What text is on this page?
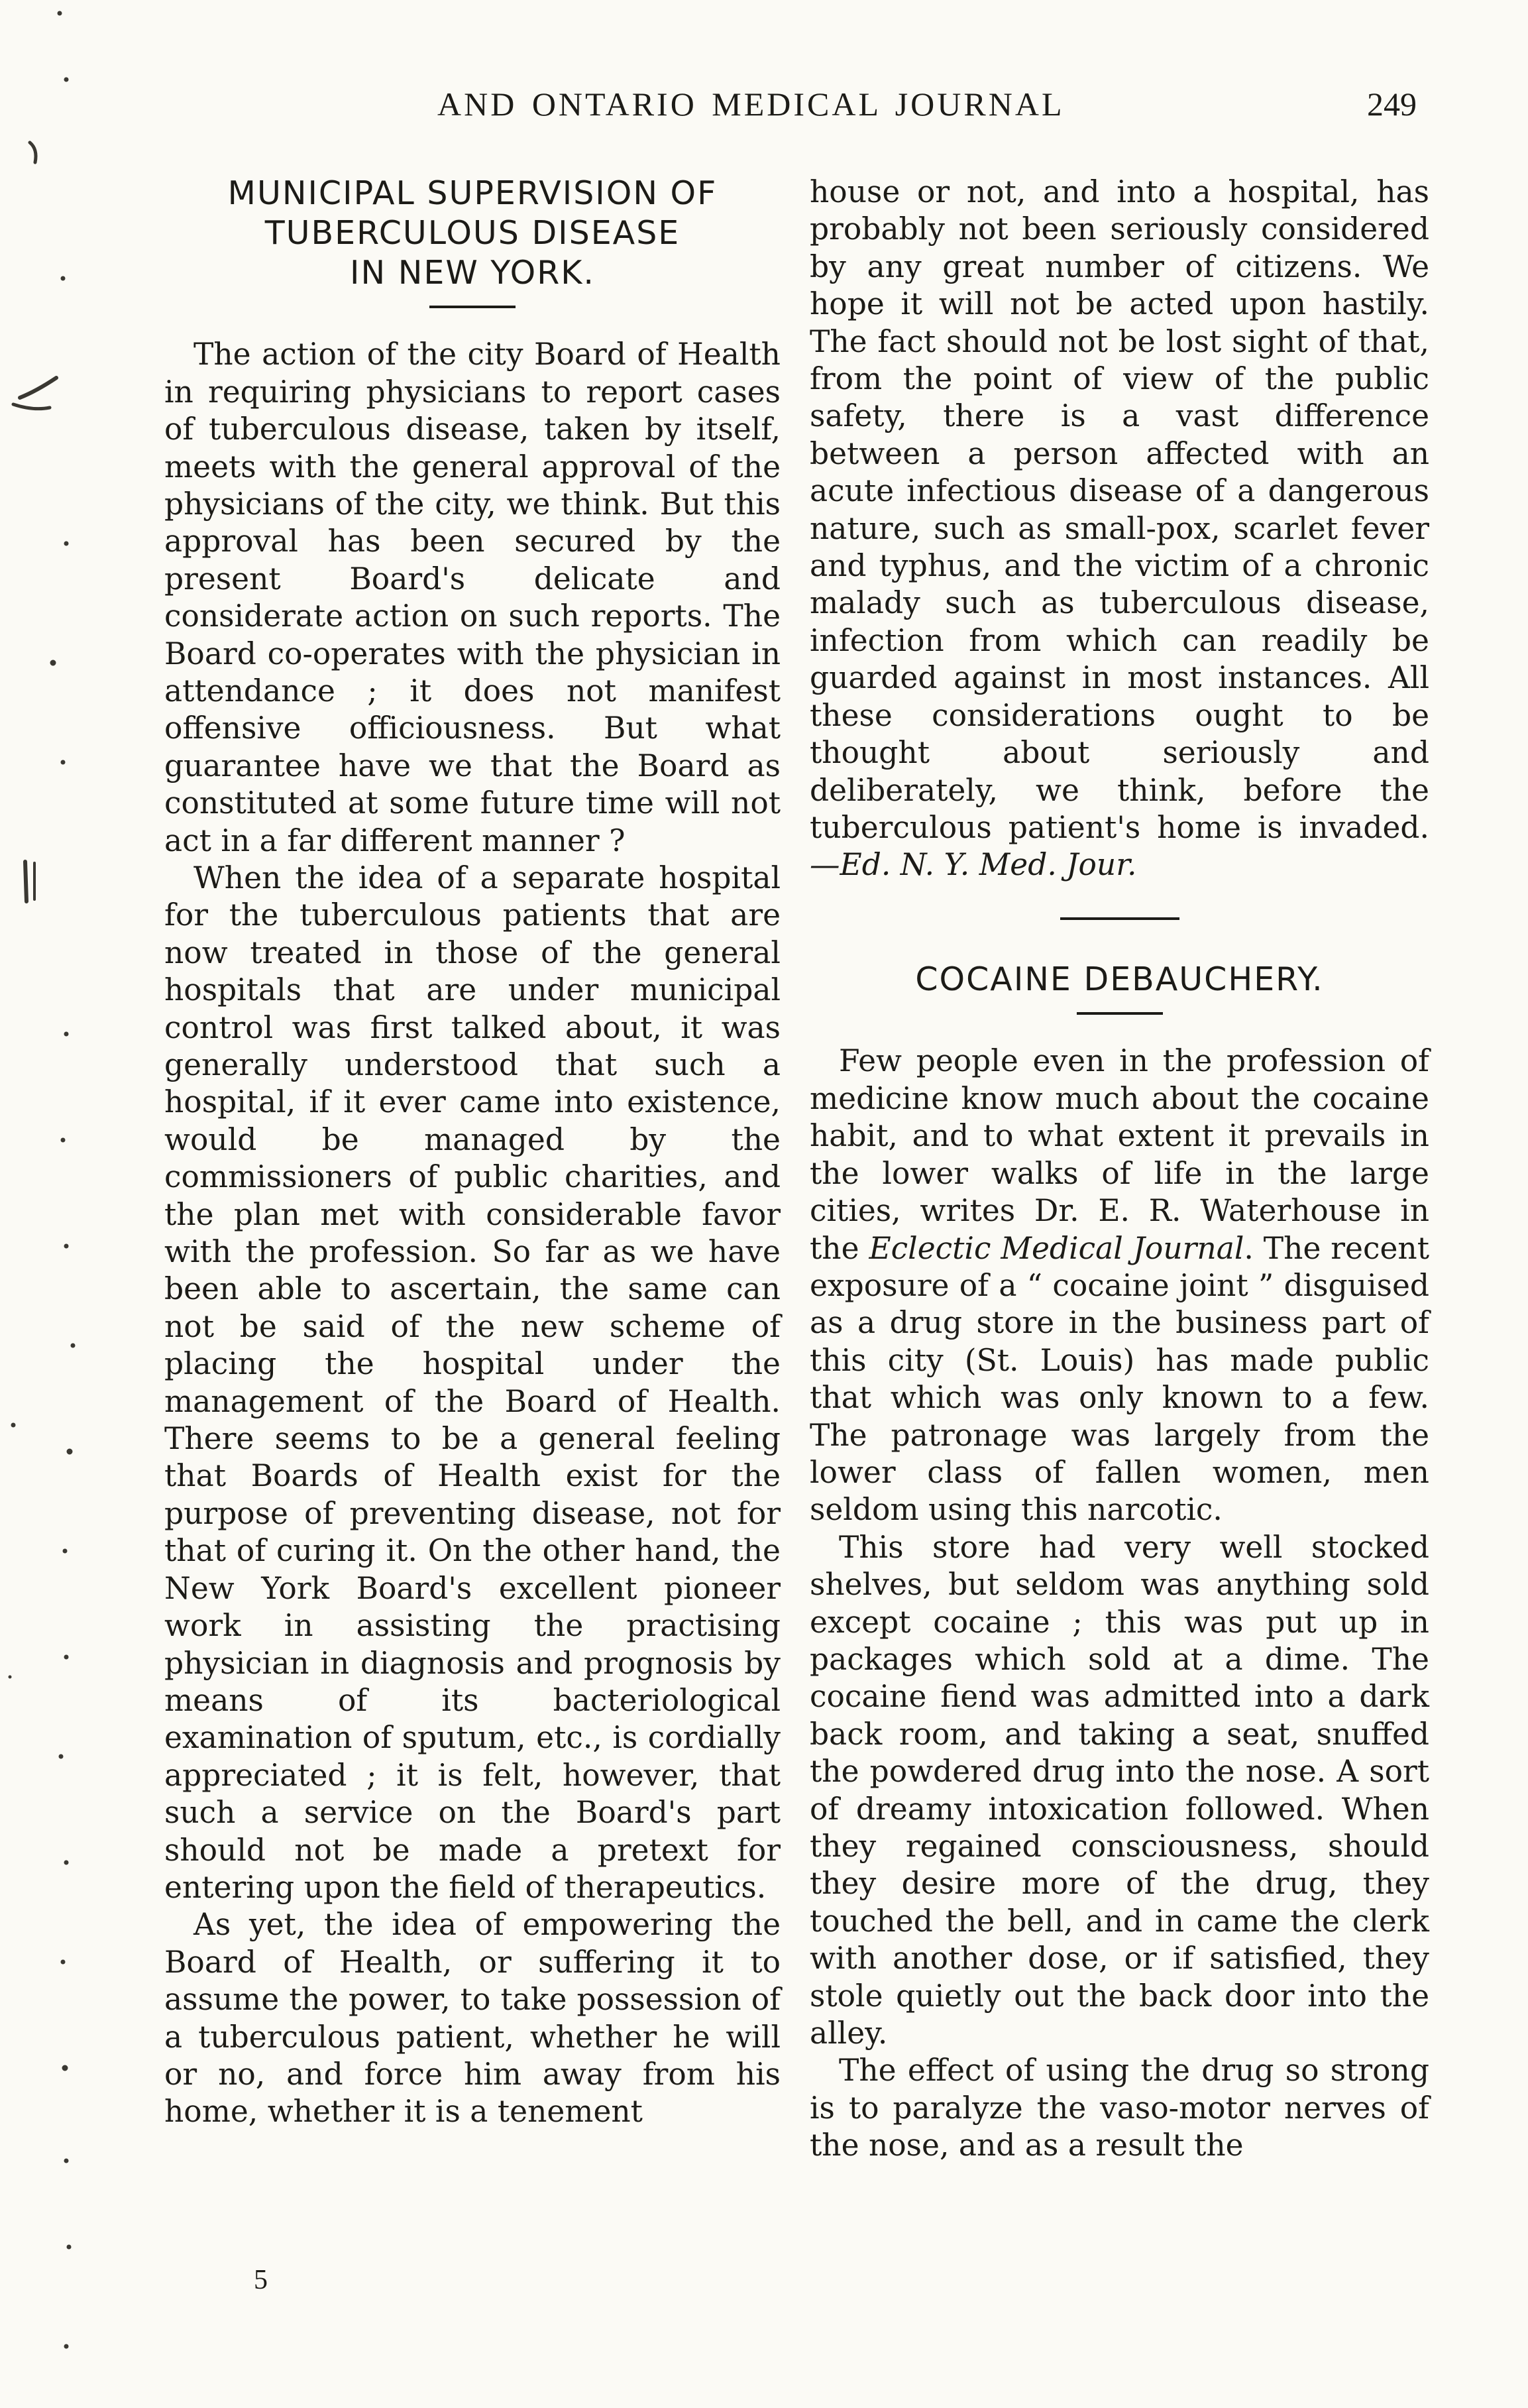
AND ONTARIO MEDICAL JOURNAL	249
MUNICIPAL SUPERVISION OF
TUBERCULOUS DISEASE
IN NEW YORK.

The action of the city Board of Health in requiring physicians to report cases of tuberculous disease, taken by itself, meets with the general approval of the physicians of the city, we think. But this approval has been secured by the present Board's delicate and considerate action on such reports. The Board co-operates with the physician in attendance ; it does not manifest offensive officiousness. But what guarantee have we that the Board as constituted at some future time will not act in a far different manner ?

When the idea of a separate hospital for the tuberculous patients that are now treated in those of the general hospitals that are under municipal control was first talked about, it was generally understood that such a hospital, if it ever came into existence, would be managed by the commissioners of public charities, and the plan met with considerable favor with the profession. So far as we have been able to ascertain, the same can not be said of the new scheme of placing the hospital under the management of the Board of Health. There seems to be a general feeling that Boards of Health exist for the purpose of preventing disease, not for that of curing it. On the other hand, the New York Board's excellent pioneer work in assisting the practising physician in diagnosis and prognosis by means of its bacteriological examination of sputum, etc., is cordially appreciated ; it is felt, however, that such a service on the Board's part should not be made a pretext for entering upon the field of therapeutics.

As yet, the idea of empowering the Board of Health, or suffering it to assume the power, to take possession of a tuberculous patient, whether he will or no, and force him away from his home, whether it is a tenement

house or not, and into a hospital, has probably not been seriously considered by any great number of citizens. We hope it will not be acted upon hastily. The fact should not be lost sight of that, from the point of view of the public safety, there is a vast difference between a person affected with an acute infectious disease of a dangerous nature, such as small-pox, scarlet fever and typhus, and the victim of a chronic malady such as tuberculous disease, infection from which can readily be guarded against in most instances. All these considerations ought to be thought about seriously and deliberately, we think, before the tuberculous patient's home is invaded.—Ed. N. Y. Med. Jour.

COCAINE DEBAUCHERY.

Few people even in the profession of medicine know much about the cocaine habit, and to what extent it prevails in the lower walks of life in the large cities, writes Dr. E. R. Waterhouse in the Eclectic Medical Journal. The recent exposure of a “ cocaine joint ” disguised as a drug store in the business part of this city (St. Louis) has made public that which was only known to a few. The patronage was largely from the lower class of fallen women, men seldom using this narcotic.

This store had very well stocked shelves, but seldom was anything sold except cocaine ; this was put up in packages which sold at a dime. The cocaine fiend was admitted into a dark back room, and taking a seat, snuffed the powdered drug into the nose. A sort of dreamy intoxication followed. When they regained consciousness, should they desire more of the drug, they touched the bell, and in came the clerk with another dose, or if satisfied, they stole quietly out the back door into the alley.

The effect of using the drug so strong is to paralyze the vaso-motor nerves of the nose, and as a result the

5
